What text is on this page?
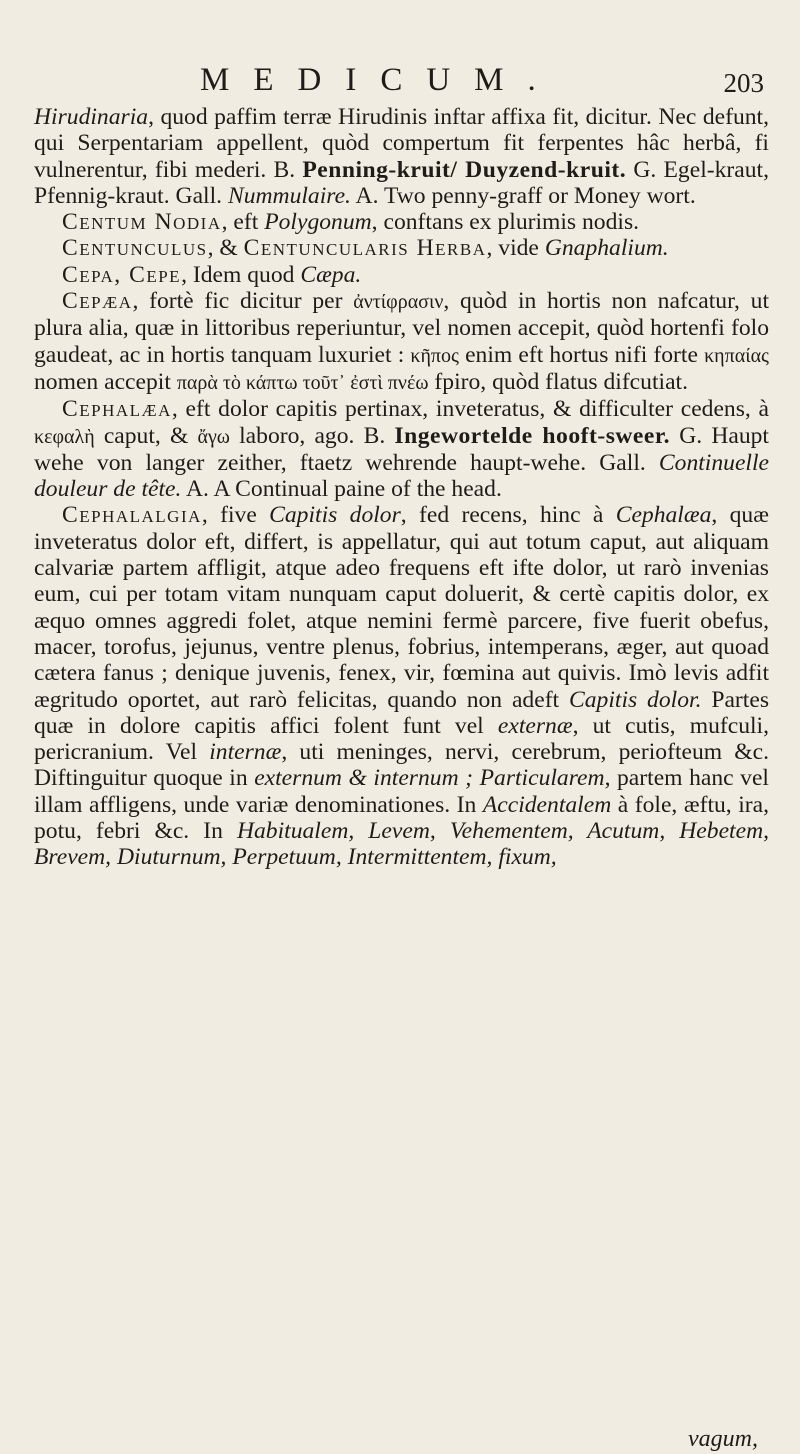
MEDICUM.	203

Hirudinaria, quod paffim terræ Hirudinis inftar affixa fit, dicitur. Nec defunt, qui Serpentariam appellent, quòd compertum fit ferpentes hâc herbâ, fi vulnerentur, fibi mederi. B. Penning-kruit/ Duyzend-kruit. G. Egel-kraut, Pfennig-kraut. Gall. Nummulaire. A. Two penny-graff or Money wort.

Centum Nodia, eft Polygonum, conftans ex plurimis nodis.

Centunculus, & Centuncularis Herba, vide Gnaphalium.

Cepa, Cepe, Idem quod Cæpa.

Cepæa, fortè fic dicitur per ἀντίφρασιν, quòd in hortis non nafcatur, ut plura alia, quæ in littoribus reperiuntur, vel nomen accepit, quòd hortenfi folo gaudeat, ac in hortis tanquam luxuriet : κῆπος enim eft hortus nifi forte κηπαίας nomen accepit παρὰ τὸ κάπτω τοῦτ᾽ ἐστὶ πνέω fpiro, quòd flatus difcutiat.

Cephalæa, eft dolor capitis pertinax, inveteratus, & difficulter cedens, à κεφαλὴ caput, & ἄγω laboro, ago. B. Ingewortelde hooft-sweer. G. Haupt wehe von langer zeither, ftaetz wehrende haupt-wehe. Gall. Continuelle douleur de tête. A. A Continual paine of the head.

Cephalalgia, five Capitis dolor, fed recens, hinc à Cephalæa, quæ inveteratus dolor eft, differt, is appellatur, qui aut totum caput, aut aliquam calvariæ partem affligit, atque adeo frequens eft ifte dolor, ut rarò invenias eum, cui per totam vitam nunquam caput doluerit, & certè capitis dolor, ex æquo omnes aggredi folet, atque nemini fermè parcere, five fuerit obefus, macer, torofus, jejunus, ventre plenus, fobrius, intemperans, æger, aut quoad cætera fanus ; denique juvenis, fenex, vir, fœmina aut quivis. Imò levis adfit ægritudo oportet, aut rarò felicitas, quando non adeft Capitis dolor. Partes quæ in dolore capitis affici folent funt vel externæ, ut cutis, mufculi, pericranium. Vel internæ, uti meninges, nervi, cerebrum, periofteum &c. Diftinguitur quoque in externum & internum ; Particularem, partem hanc vel illam affligens, unde variæ denominationes. In Accidentalem à fole, æftu, ira, potu, febri &c. In Habitualem, Levem, Vehementem, Acutum, Hebetem, Brevem, Diuturnum, Perpetuum, Intermittentem, fixum,

vagum,
